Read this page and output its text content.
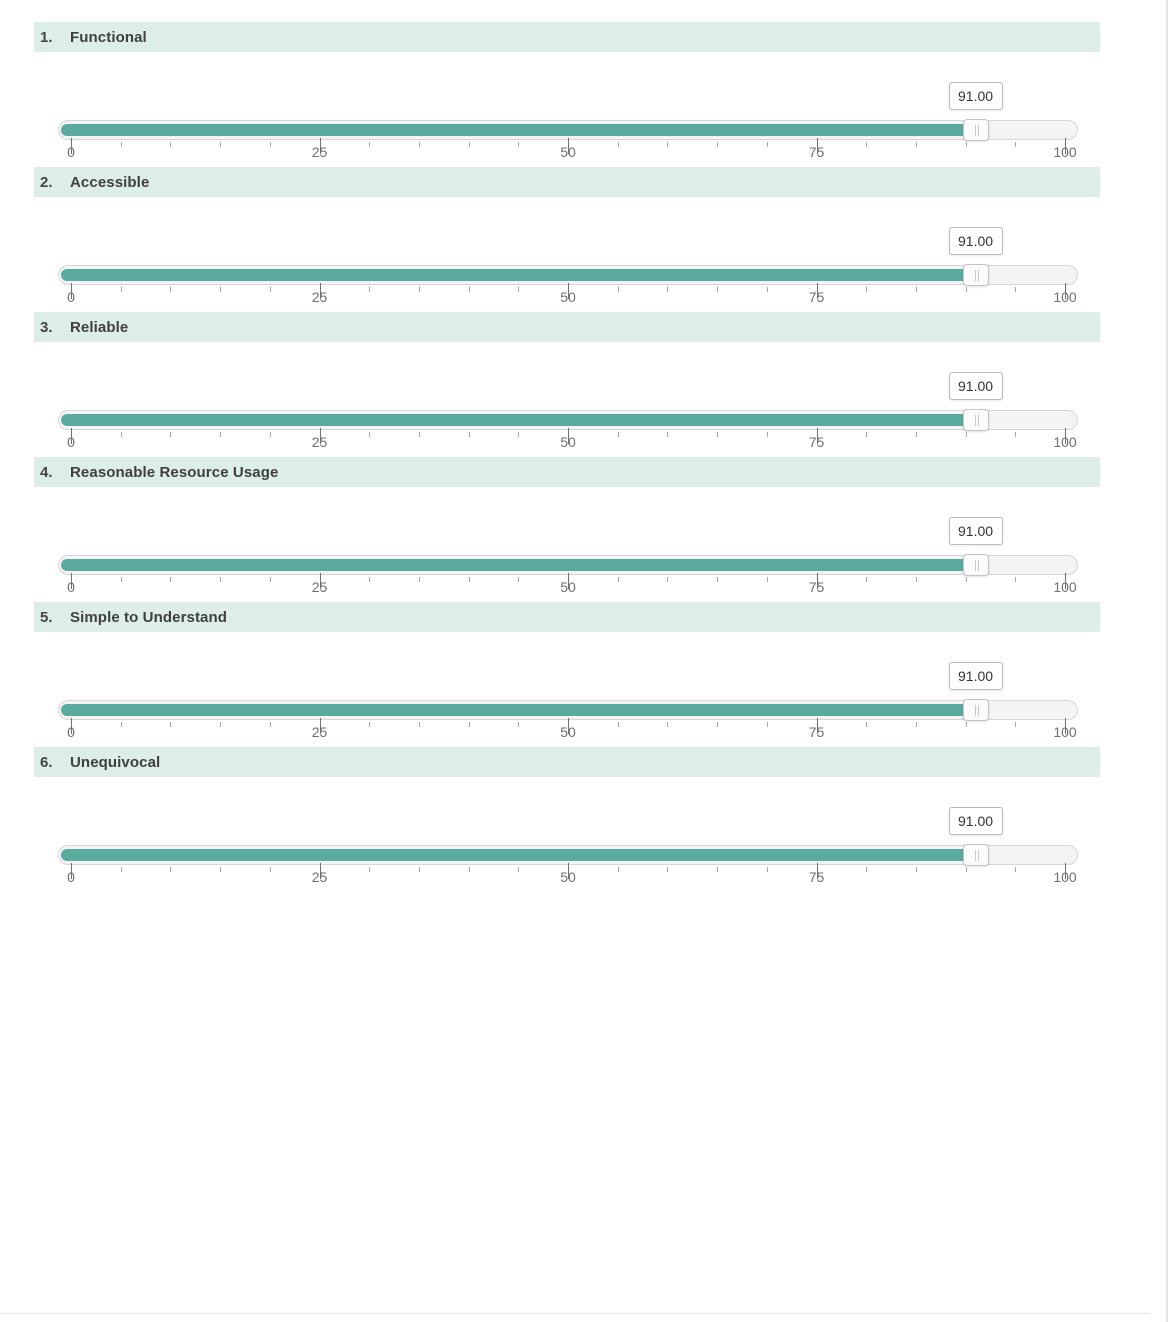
1.	Functional
91.00
0	25	50	75	100
2.	Accessible
91.00
0	25	50	75	100
3.	Reliable
91.00
0	25	50	75	100
4.	Reasonable Resource Usage
91.00
0	25	50	75	100
5.	Simple to Understand
91.00
0	25	50	75	100
6.	Unequivocal
91.00
0	25	50	75	100
